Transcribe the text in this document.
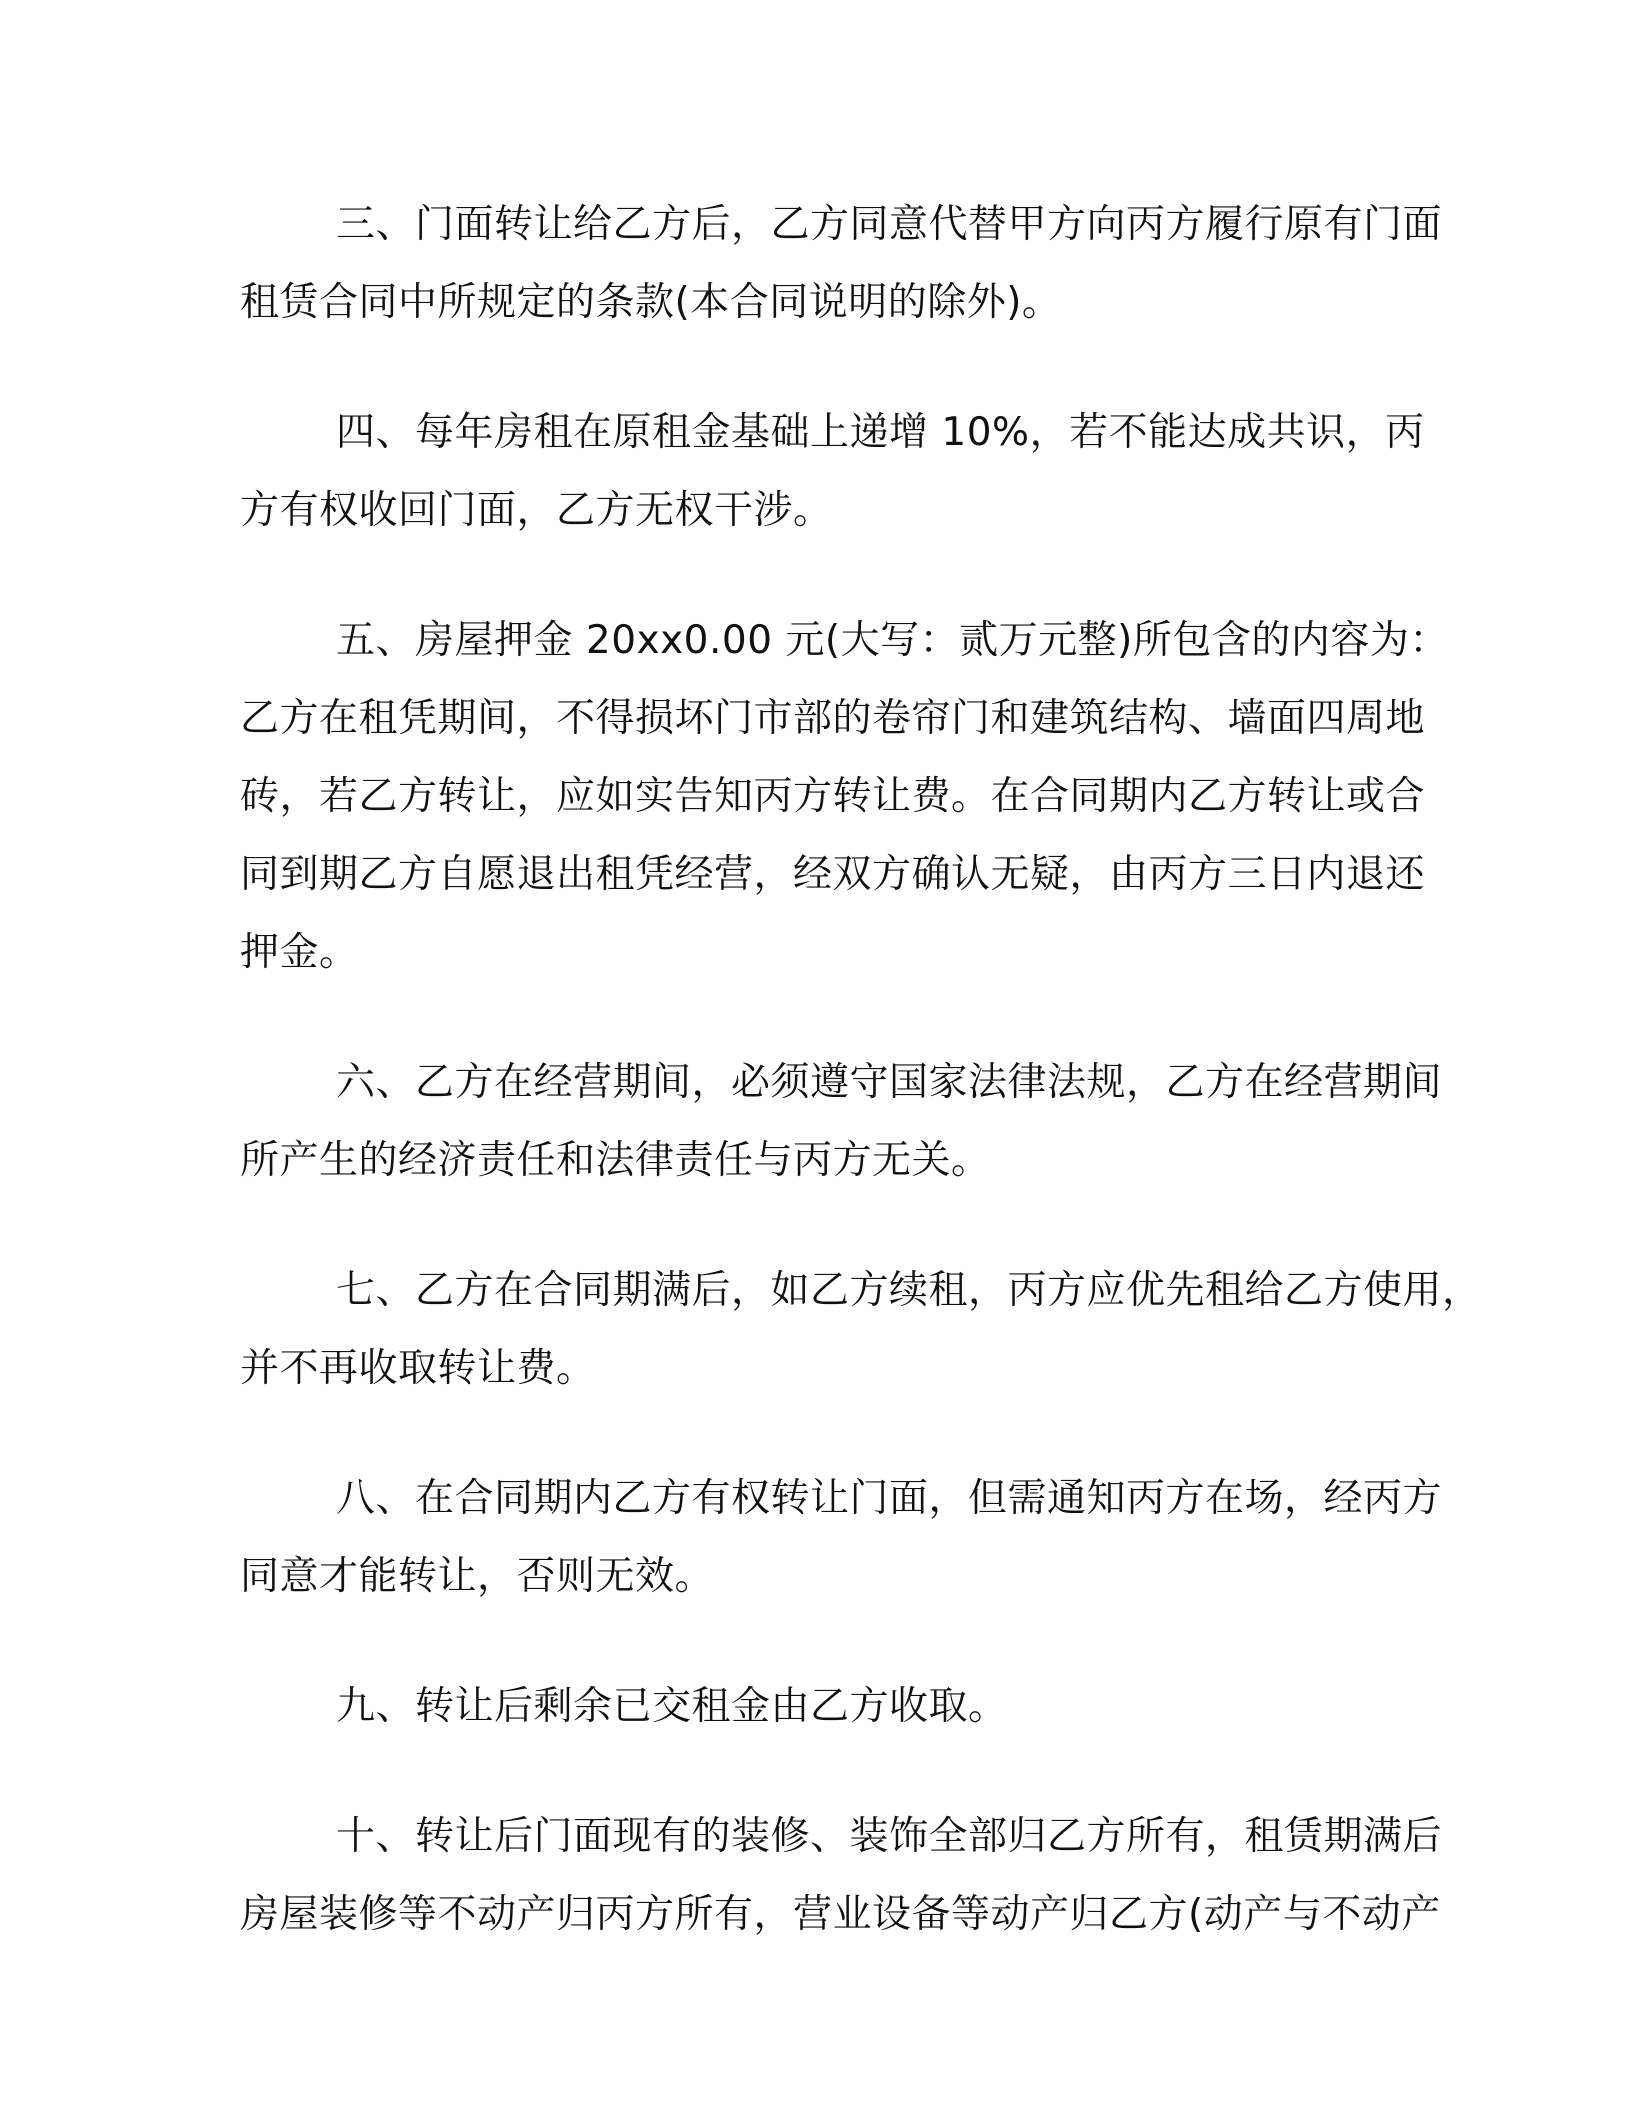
三、门面转让给乙方后，乙方同意代替甲方向丙方履行原有门面
租赁合同中所规定的条款(本合同说明的除外)。

四、每年房租在原租金基础上递增 10%，若不能达成共识，丙
方有权收回门面，乙方无权干涉。

五、房屋押金 20xx0.00 元(大写：贰万元整)所包含的内容为：
乙方在租凭期间，不得损坏门市部的卷帘门和建筑结构、墙面四周地
砖，若乙方转让，应如实告知丙方转让费。在合同期内乙方转让或合
同到期乙方自愿退出租凭经营，经双方确认无疑，由丙方三日内退还
押金。

六、乙方在经营期间，必须遵守国家法律法规，乙方在经营期间
所产生的经济责任和法律责任与丙方无关。

七、乙方在合同期满后，如乙方续租，丙方应优先租给乙方使用，
并不再收取转让费。

八、在合同期内乙方有权转让门面，但需通知丙方在场，经丙方
同意才能转让，否则无效。

九、转让后剩余已交租金由乙方收取。

十、转让后门面现有的装修、装饰全部归乙方所有，租赁期满后
房屋装修等不动产归丙方所有，营业设备等动产归乙方(动产与不动产
